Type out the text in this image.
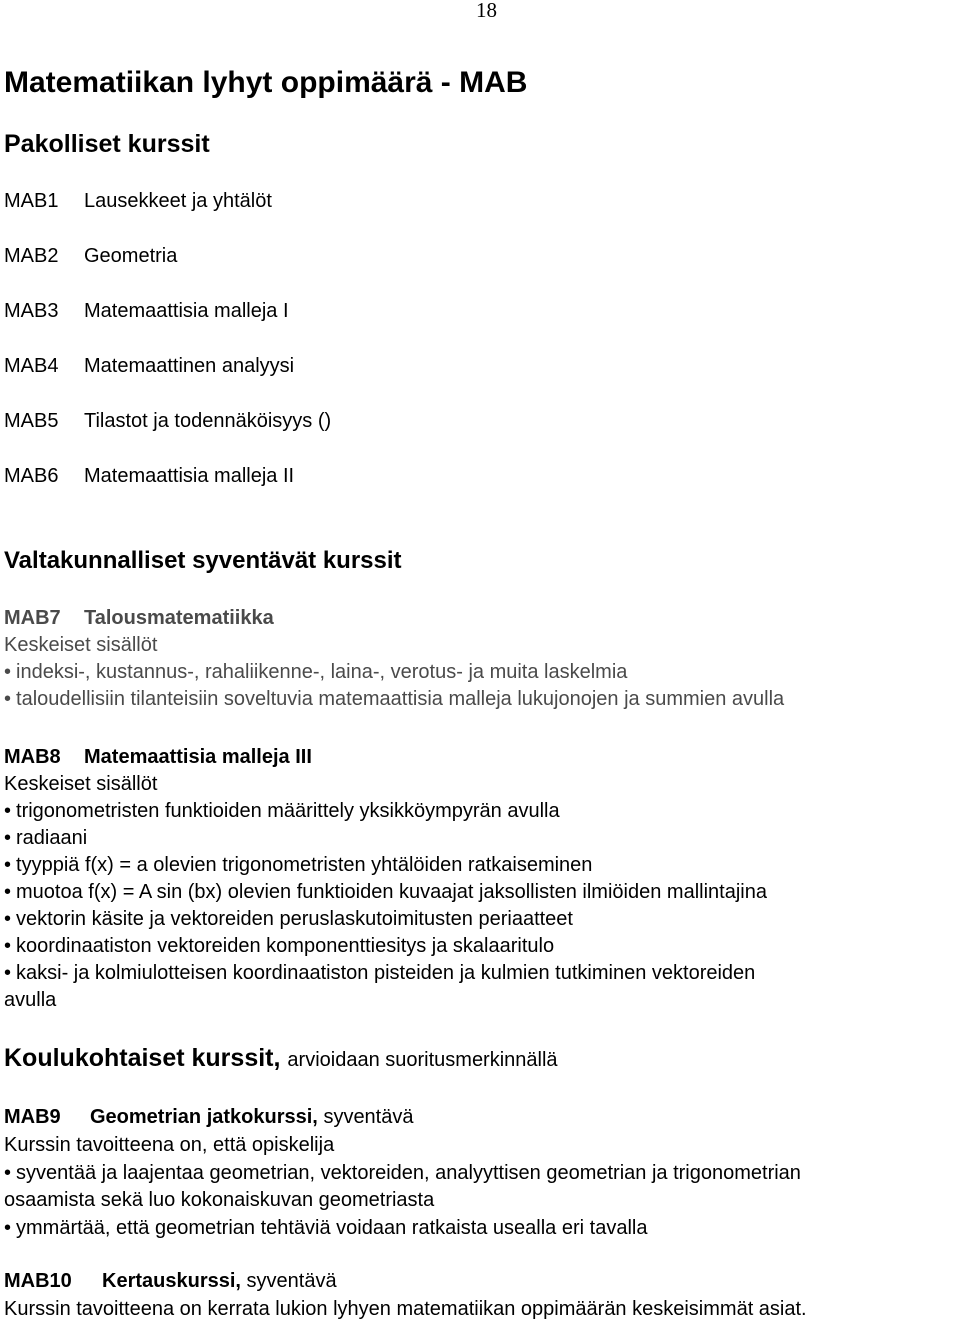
18
Matematiikan lyhyt oppimäärä - MAB
Pakolliset kurssit
MAB1 Lausekkeet ja yhtälöt
MAB2 Geometria
MAB3 Matemaattisia malleja I
MAB4 Matemaattinen analyysi
MAB5 Tilastot ja todennäköisyys ()
MAB6 Matemaattisia malleja II
Valtakunnalliset syventävät kurssit
MAB7 Talousmatematiikka
Keskeiset sisällöt
• indeksi-, kustannus-, rahaliikenne-, laina-, verotus- ja muita laskelmia
• taloudellisiin tilanteisiin soveltuvia matemaattisia malleja lukujonojen ja summien avulla
MAB8 Matemaattisia malleja III
Keskeiset sisällöt
• trigonometristen funktioiden määrittely yksikköympyrän avulla
• radiaani
• tyyppiä f(x) = a olevien trigonometristen yhtälöiden ratkaiseminen
• muotoa f(x) = A sin (bx) olevien funktioiden kuvaajat jaksollisten ilmiöiden mallintajina
• vektorin käsite ja vektoreiden peruslaskutoimitusten periaatteet
• koordinaatiston vektoreiden komponenttiesitys ja skalaaritulo
• kaksi- ja kolmiulotteisen koordinaatiston pisteiden ja kulmien tutkiminen vektoreiden
avulla
Koulukohtaiset kurssit, arvioidaan suoritusmerkinnällä
MAB9 Geometrian jatkokurssi, syventävä
Kurssin tavoitteena on, että opiskelija
• syventää ja laajentaa geometrian, vektoreiden, analyyttisen geometrian ja trigonometrian
osaamista sekä luo kokonaiskuvan geometriasta
• ymmärtää, että geometrian tehtäviä voidaan ratkaista usealla eri tavalla
MAB10 Kertauskurssi, syventävä
Kurssin tavoitteena on kerrata lukion lyhyen matematiikan oppimäärän keskeisimmät asiat.
